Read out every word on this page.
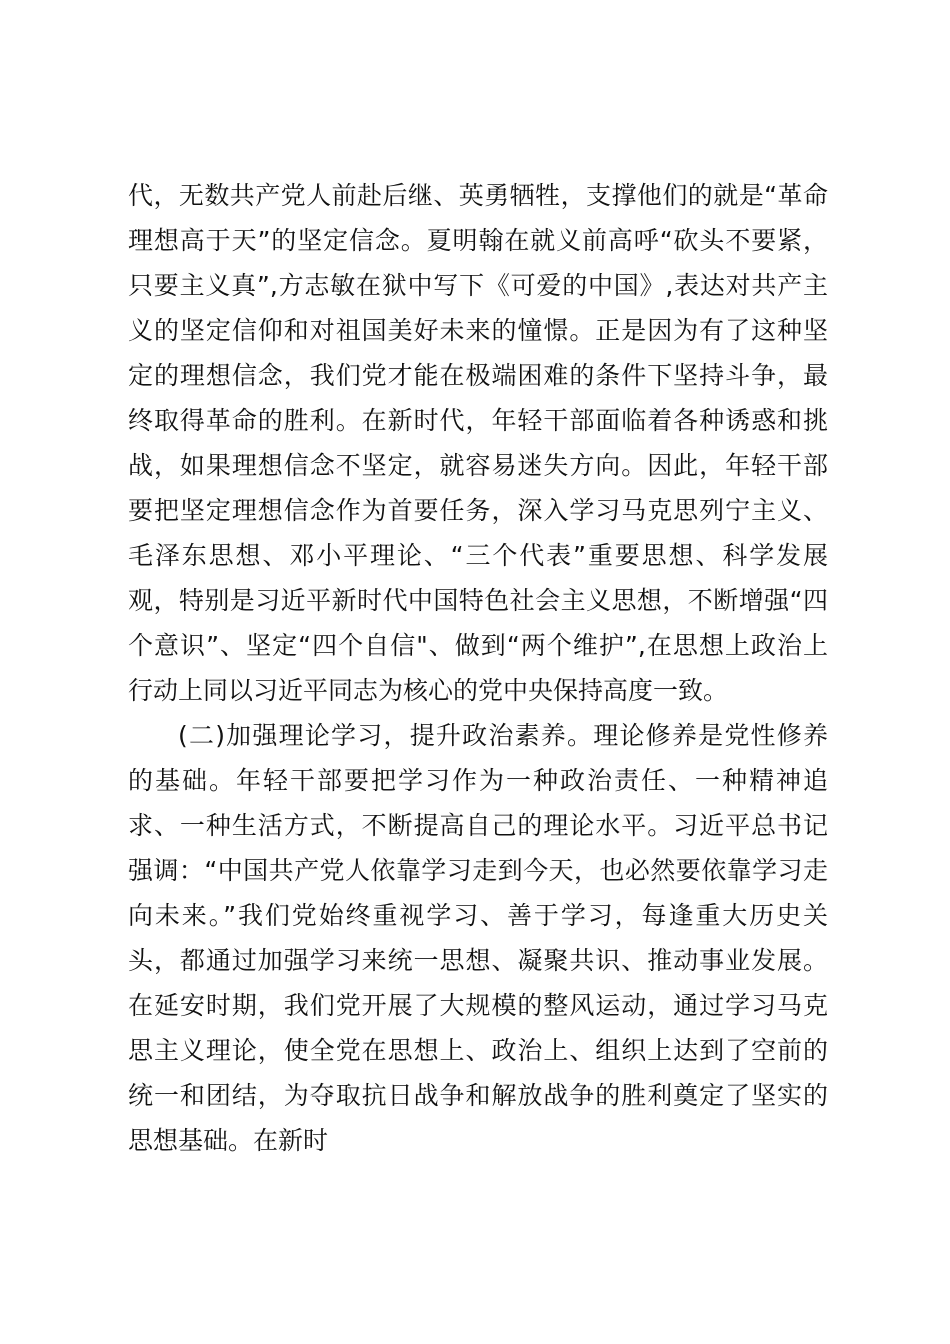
代，无数共产党人前赴后继、英勇牺牲，支撑他们的就是“革命
理想高于天”的坚定信念。夏明翰在就义前高呼“砍头不要紧，
只要主义真”,方志敏在狱中写下《可爱的中国》,表达对共产主
义的坚定信仰和对祖国美好未来的憧憬。正是因为有了这种坚
定的理想信念，我们党才能在极端困难的条件下坚持斗争，最
终取得革命的胜利。在新时代，年轻干部面临着各种诱惑和挑
战，如果理想信念不坚定，就容易迷失方向。因此，年轻干部
要把坚定理想信念作为首要任务，深入学习马克思列宁主义、
毛泽东思想、邓小平理论、“三个代表”重要思想、科学发展
观，特别是习近平新时代中国特色社会主义思想，不断增强“四
个意识”、坚定“四个自信"、做到“两个维护”,在思想上政治上
行动上同以习近平同志为核心的党中央保持高度一致。
(二)加强理论学习，提升政治素养。理论修养是党性修养
的基础。年轻干部要把学习作为一种政治责任、一种精神追
求、一种生活方式，不断提高自己的理论水平。习近平总书记
强调：“中国共产党人依靠学习走到今天，也必然要依靠学习走
向未来。”我们党始终重视学习、善于学习，每逢重大历史关
头，都通过加强学习来统一思想、凝聚共识、推动事业发展。
在延安时期，我们党开展了大规模的整风运动，通过学习马克
思主义理论，使全党在思想上、政治上、组织上达到了空前的
统一和团结，为夺取抗日战争和解放战争的胜利奠定了坚实的
思想基础。在新时
